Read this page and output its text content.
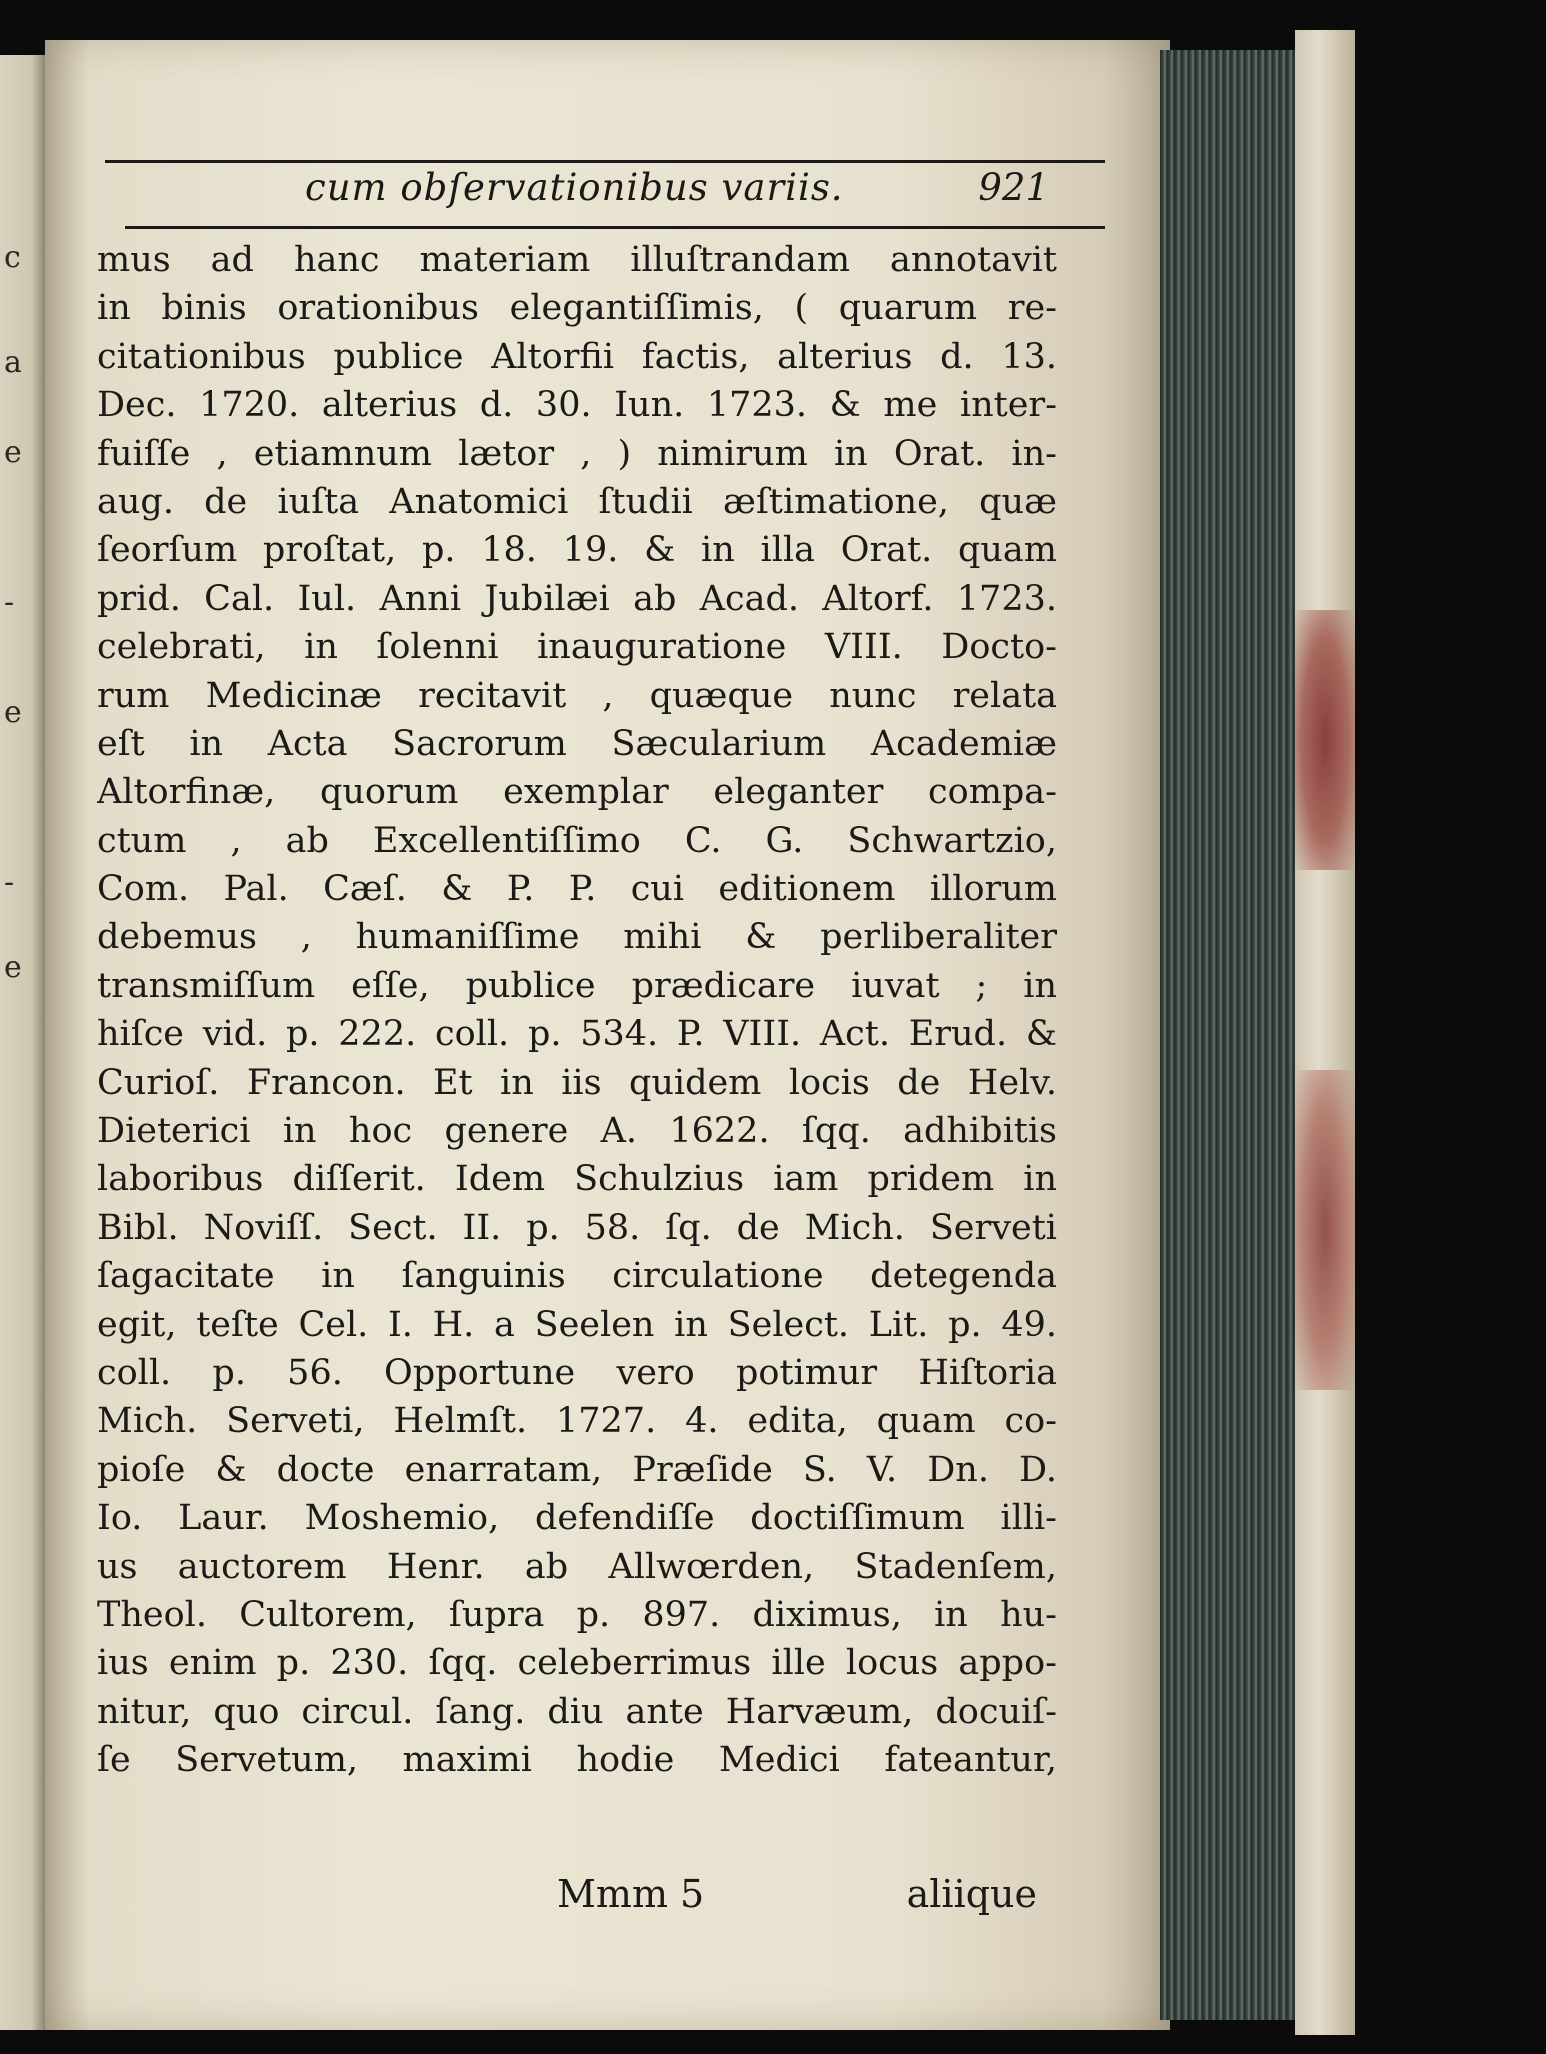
c
a
e
-
e
-
e
cum obſervationibus variis.	921
mus ad hanc materiam illuſtrandam annotavit
in binis orationibus elegantiſſimis, ( quarum re-
citationibus publice Altorfii factis, alterius d. 13.
Dec. 1720. alterius d. 30. Iun. 1723. & me inter-
fuiſſe , etiamnum lætor , ) nimirum in Orat. in-
aug. de iuſta Anatomici ſtudii æſtimatione, quæ
ſeorſum proſtat, p. 18. 19. & in illa Orat. quam
prid. Cal. Iul. Anni Jubilæi ab Acad. Altorf. 1723.
celebrati, in ſolenni inauguratione VIII. Docto-
rum Medicinæ recitavit , quæque nunc relata
eſt in Acta Sacrorum Sæcularium Academiæ
Altorfinæ, quorum exemplar eleganter compa-
ctum , ab Excellentiſſimo C. G. Schwartzio,
Com. Pal. Cæſ. & P. P. cui editionem illorum
debemus , humaniſſime mihi & perliberaliter
transmiſſum eſſe, publice prædicare iuvat ; in
hiſce vid. p. 222. coll. p. 534. P. VIII. Act. Erud. &
Curioſ. Francon. Et in iis quidem locis de Helv.
Dieterici in hoc genere A. 1622. ſqq. adhibitis
laboribus diſſerit. Idem Schulzius iam pridem in
Bibl. Noviſſ. Sect. II. p. 58. ſq. de Mich. Serveti
ſagacitate in ſanguinis circulatione detegenda
egit, teſte Cel. I. H. a Seelen in Select. Lit. p. 49.
coll. p. 56. Opportune vero potimur Hiſtoria
Mich. Serveti, Helmſt. 1727. 4. edita, quam co-
pioſe & docte enarratam, Præſide S. V. Dn. D.
Io. Laur. Moshemio, defendiſſe doctiſſimum illi-
us auctorem Henr. ab Allwœrden, Stadenſem,
Theol. Cultorem, ſupra p. 897. diximus, in hu-
ius enim p. 230. ſqq. celeberrimus ille locus appo-
nitur, quo circul. ſang. diu ante Harvæum, docuiſ-
ſe Servetum, maximi hodie Medici fateantur,
Mmm 5	aliique
